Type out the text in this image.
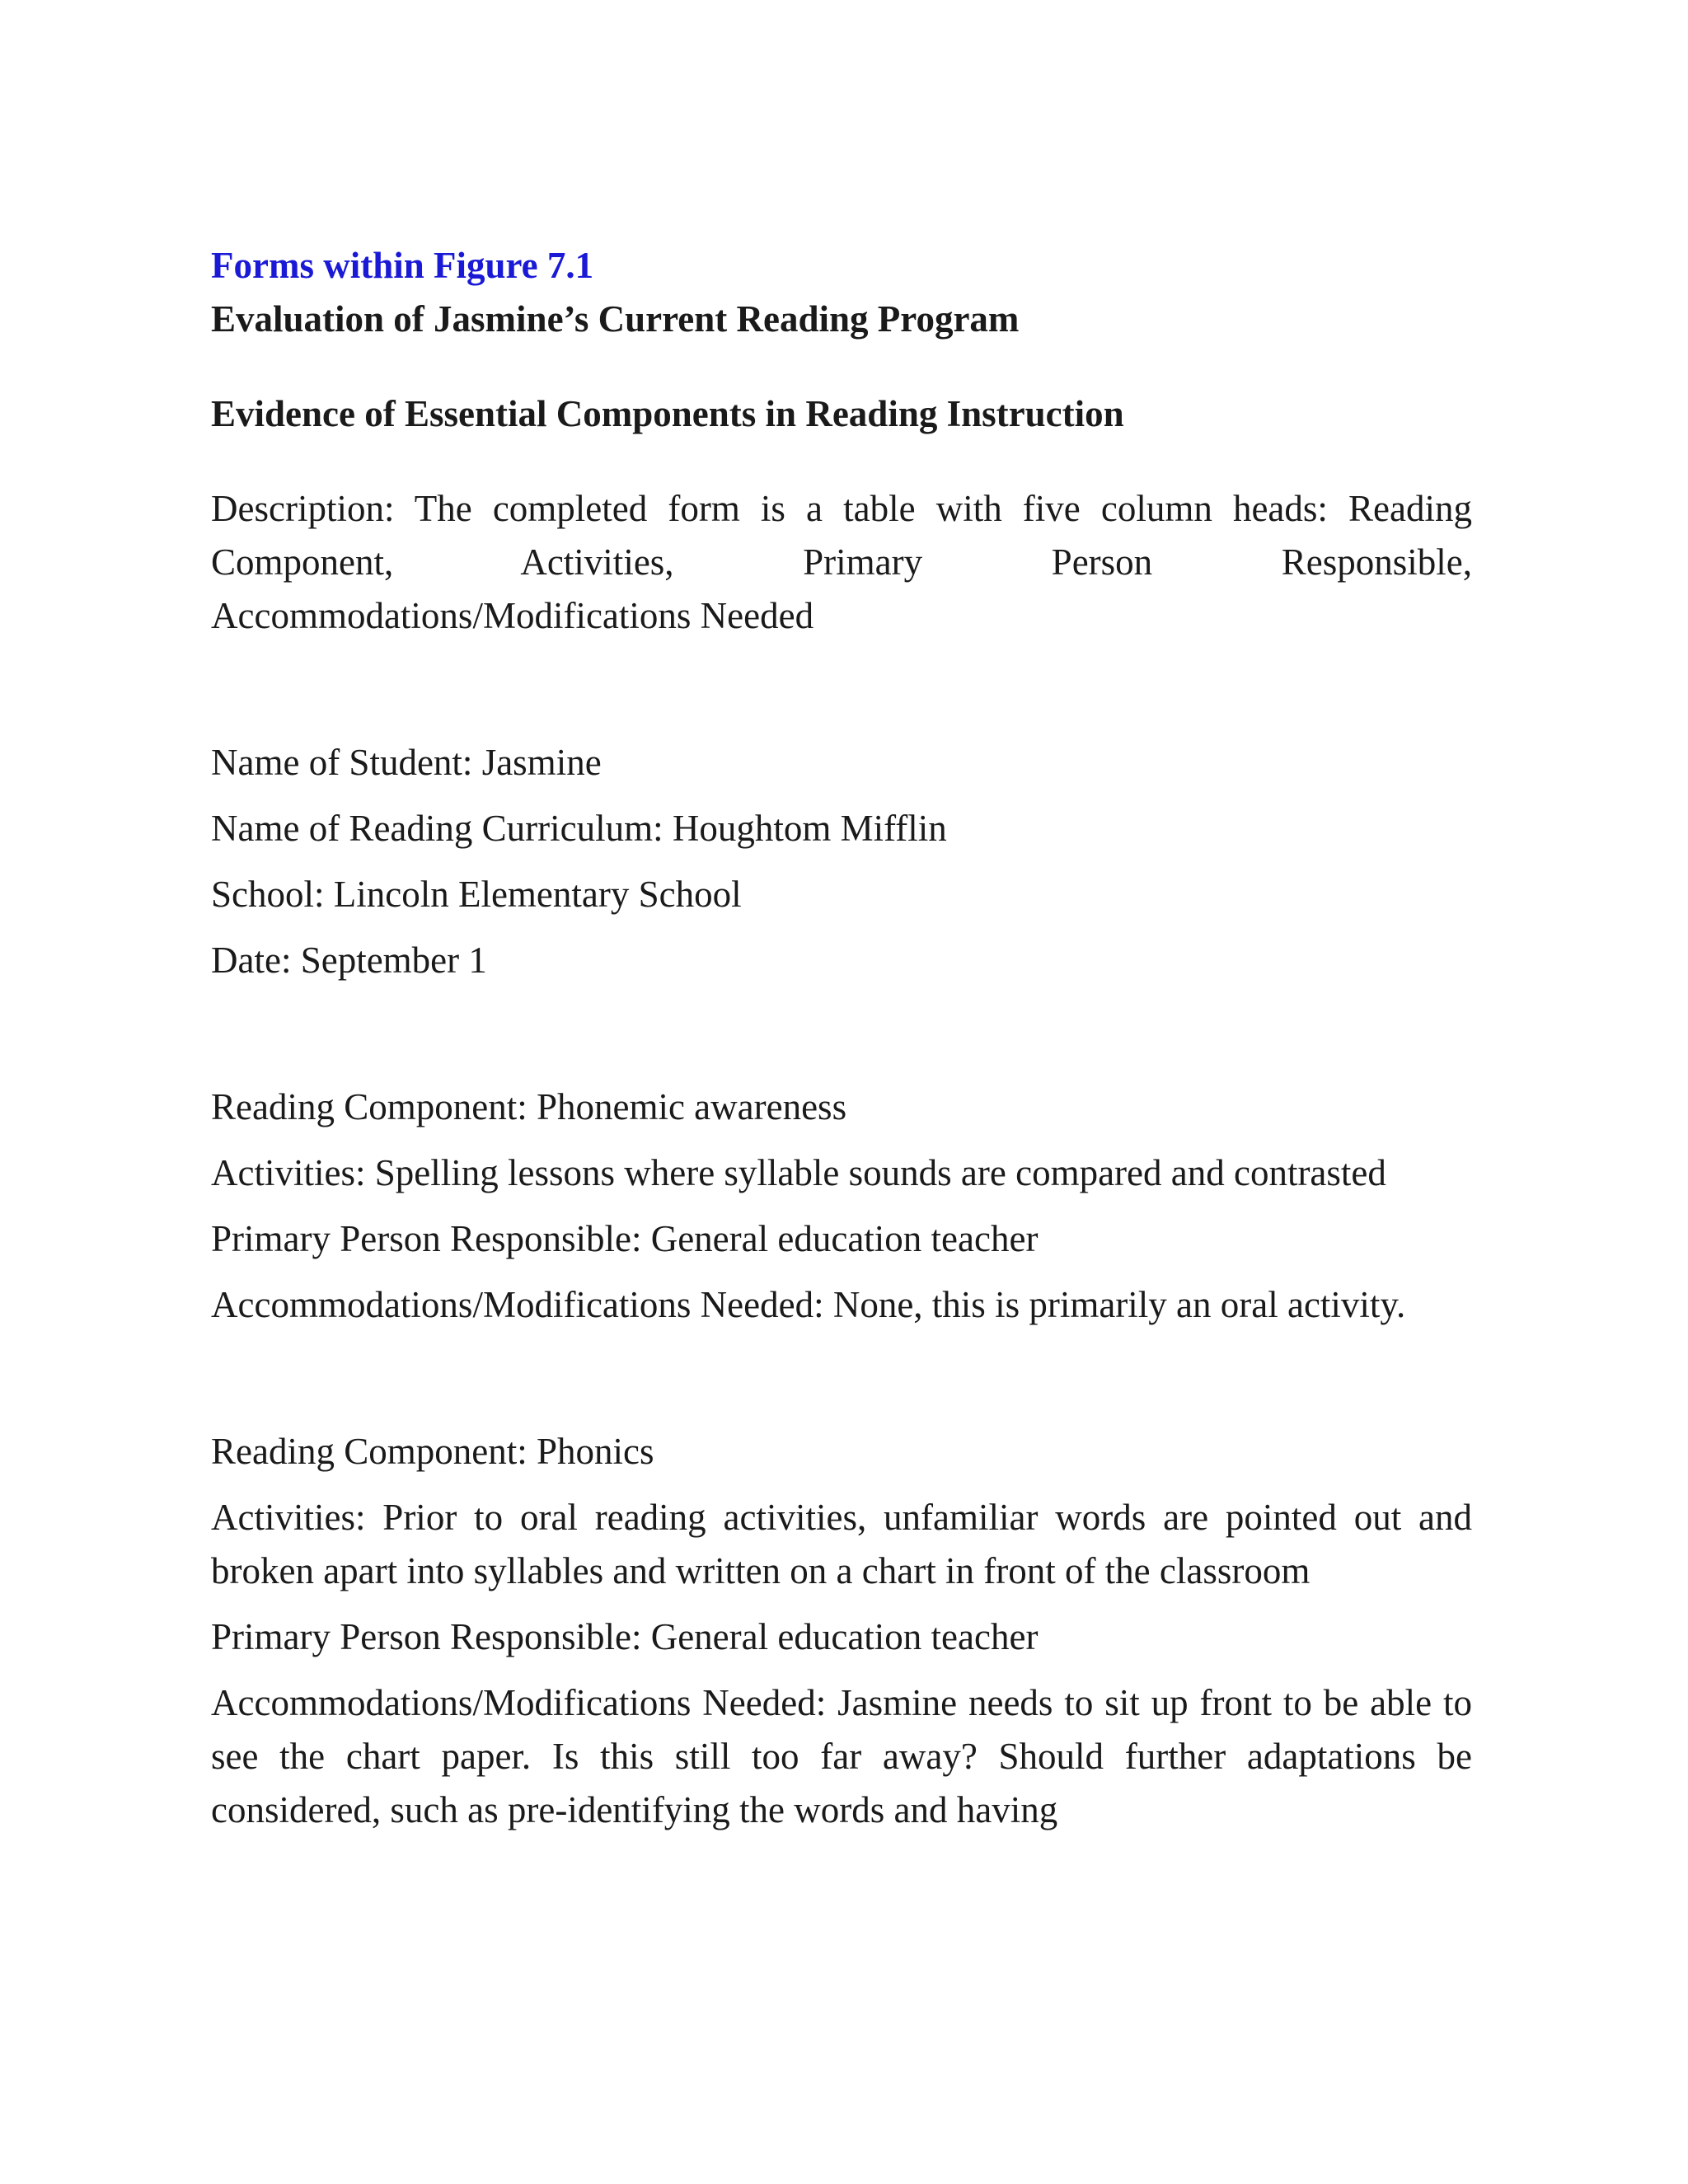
Forms within Figure 7.1

Evaluation of Jasmine’s Current Reading Program

Evidence of Essential Components in Reading Instruction

Description: The completed form is a table with five column heads: Reading Component, Activities, Primary Person Responsible, Accommodations/Modifications Needed

Name of Student: Jasmine

Name of Reading Curriculum: Houghtom Mifflin

School: Lincoln Elementary School

Date: September 1

Reading Component: Phonemic awareness

Activities: Spelling lessons where syllable sounds are compared and contrasted

Primary Person Responsible: General education teacher

Accommodations/Modifications Needed: None, this is primarily an oral activity.

Reading Component: Phonics

Activities: Prior to oral reading activities, unfamiliar words are pointed out and broken apart into syllables and written on a chart in front of the classroom

Primary Person Responsible: General education teacher

Accommodations/Modifications Needed: Jasmine needs to sit up front to be able to see the chart paper. Is this still too far away? Should further adaptations be considered, such as pre-identifying the words and having
